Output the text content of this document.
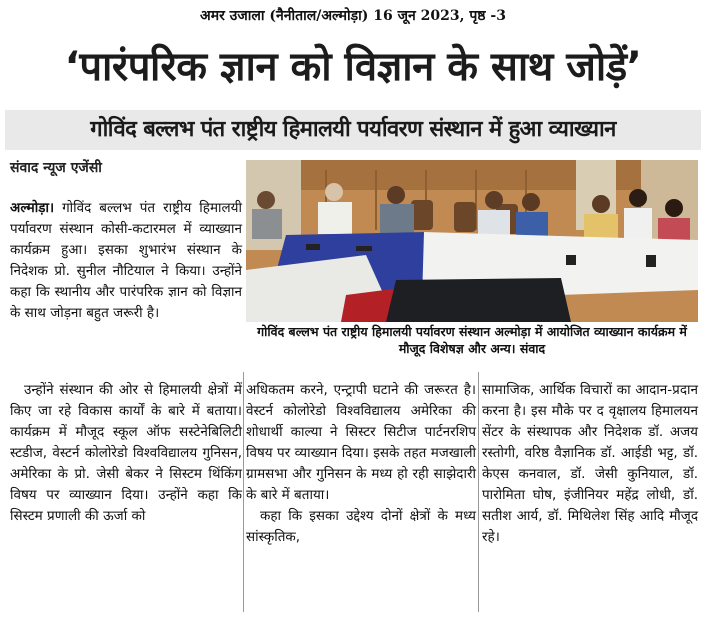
अमर उजाला (नैनीताल/अल्मोड़ा) 16 जून 2023, पृष्ठ -3
‘पारंपरिक ज्ञान को विज्ञान के साथ जोड़ें’
गोविंद बल्लभ पंत राष्ट्रीय हिमालयी पर्यावरण संस्थान में हुआ व्याख्यान
संवाद न्यूज एजेंसी

अल्मोड़ा। गोविंद बल्लभ पंत राष्ट्रीय हिमालयी पर्यावरण संस्थान कोसी-कटारमल में व्याख्यान कार्यक्रम हुआ। इसका शुभारंभ संस्थान के निदेशक प्रो. सुनील नौटियाल ने किया। उन्होंने कहा कि स्थानीय और पारंपरिक ज्ञान को विज्ञान के साथ जोड़ना बहुत जरूरी है।

उन्होंने संस्थान की ओर से हिमालयी क्षेत्रों में किए जा रहे विकास कार्यों के बारे में बताया। कार्यक्रम में मौजूद स्कूल ऑफ सस्टेनेबिलिटी स्टडीज, वेस्टर्न कोलोरेडो विश्वविद्यालय गुनिसन, अमेरिका के प्रो. जेसी बेकर ने सिस्टम थिंकिंग विषय पर व्याख्यान दिया। उन्होंने कहा कि सिस्टम प्रणाली की ऊर्जा को

गोविंद बल्लभ पंत राष्ट्रीय हिमालयी पर्यावरण संस्थान अल्मोड़ा में आयोजित व्याख्यान कार्यक्रम में मौजूद विशेषज्ञ और अन्य। संवाद

अधिकतम करने, एन्ट्रापी घटाने की जरूरत है। वेस्टर्न कोलोरेडो विश्वविद्यालय अमेरिका की शोधार्थी काल्या ने सिस्टर सिटीज पार्टनरशिप विषय पर व्याख्यान दिया। इसके तहत मजखाली ग्रामसभा और गुनिसन के मध्य हो रही साझेदारी के बारे में बताया।

कहा कि इसका उद्देश्य दोनों क्षेत्रों के मध्य सांस्कृतिक,

सामाजिक, आर्थिक विचारों का आदान-प्रदान करना है। इस मौके पर द वृक्षालय हिमालयन सेंटर के संस्थापक और निदेशक डॉ. अजय रस्तोगी, वरिष्ठ वैज्ञानिक डॉ. आईडी भट्ट, डॉ. केएस कनवाल, डॉ. जेसी कुनियाल, डॉ. पारोमिता घोष, इंजीनियर महेंद्र लोधी, डॉ. सतीश आर्य, डॉ. मिथिलेश सिंह आदि मौजूद रहे।
